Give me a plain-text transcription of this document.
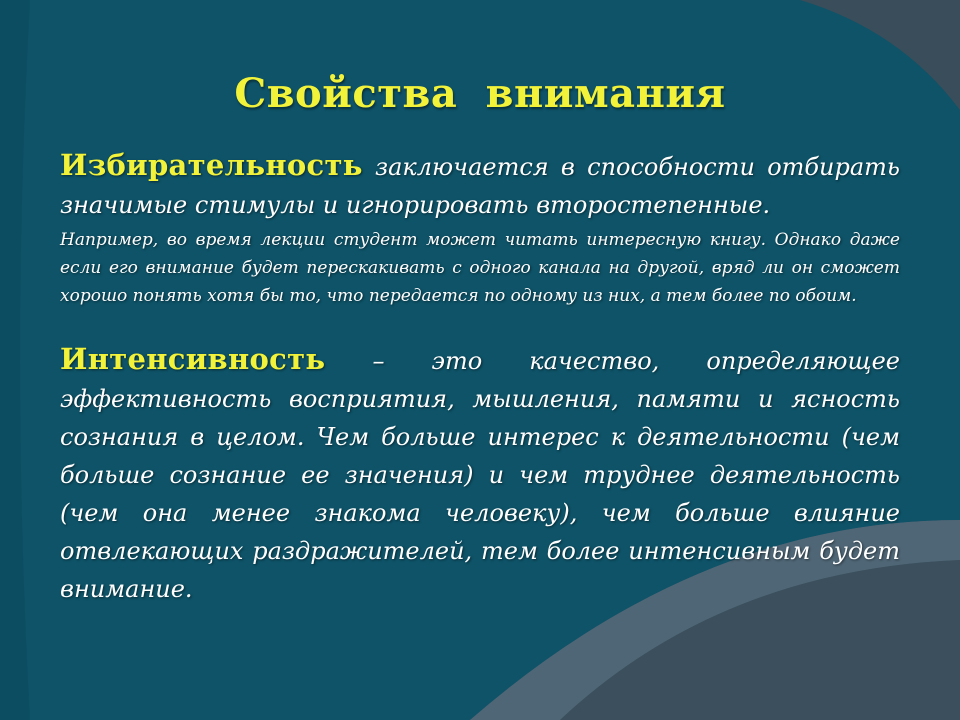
Свойства внимания

Избирательность заключается в способности отбирать значимые стимулы и игнорировать второстепенные.

Например, во время лекции студент может читать интересную книгу. Однако даже если его внимание будет перескакивать с одного канала на другой, вряд ли он сможет хорошо понять хотя бы то, что передается по одному из них, а тем более по обоим.

Интенсивность – это качество, определяющее эффективность восприятия, мышления, памяти и ясность сознания в целом. Чем больше интерес к деятельности (чем больше сознание ее значения) и чем труднее деятельность (чем она менее знакома человеку), чем больше влияние отвлекающих раздражителей, тем более интенсивным будет внимание.
